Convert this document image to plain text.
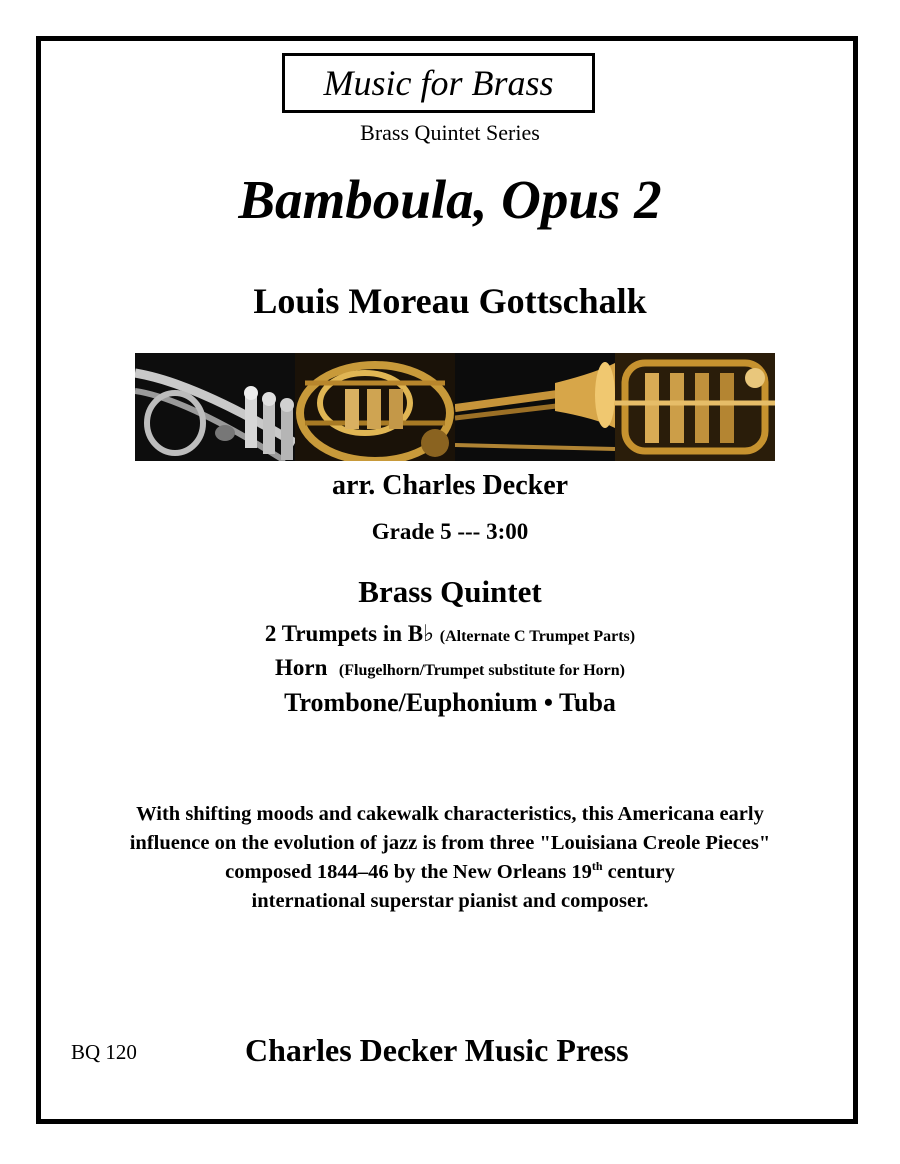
Music for Brass
Brass Quintet Series
Bamboula, Opus 2
Louis Moreau Gottschalk
arr. Charles Decker
Grade 5 --- 3:00
Brass Quintet
2 Trumpets in B♭ (Alternate C Trumpet Parts)
Horn (Flugelhorn/Trumpet substitute for Horn)
Trombone/Euphonium • Tuba
With shifting moods and cakewalk characteristics, this Americana early
influence on the evolution of jazz is from three "Louisiana Creole Pieces"
composed 1844–46 by the New Orleans 19th century
international superstar pianist and composer.
BQ 120	Charles Decker Music Press
